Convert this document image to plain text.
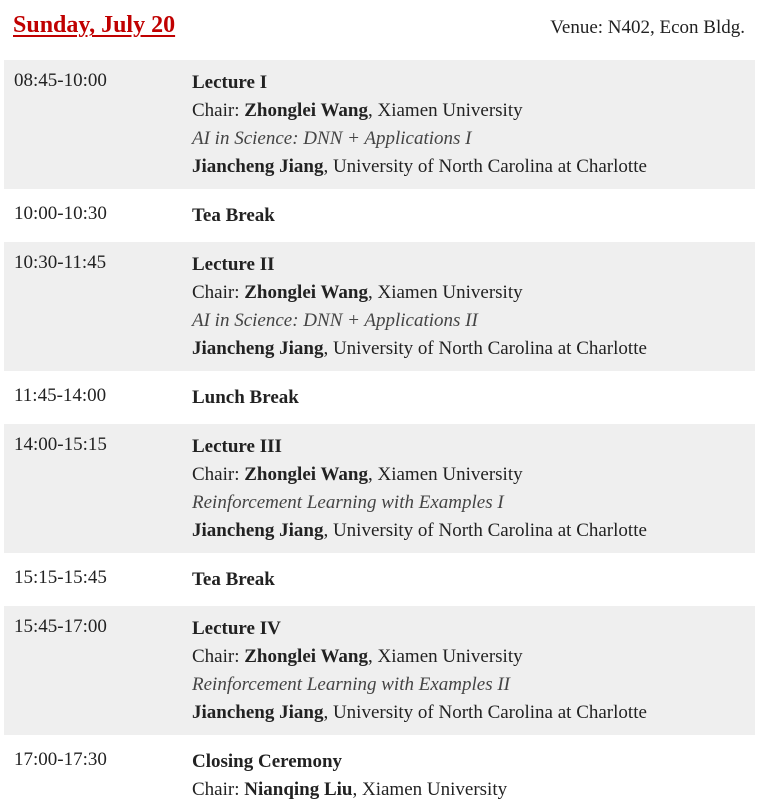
Sunday, July 20	Venue: N402, Econ Bldg.
08:45-10:00	Lecture I
Chair: Zhonglei Wang, Xiamen University
AI in Science: DNN + Applications I
Jiancheng Jiang, University of North Carolina at Charlotte
10:00-10:30	Tea Break
10:30-11:45	Lecture II
Chair: Zhonglei Wang, Xiamen University
AI in Science: DNN + Applications II
Jiancheng Jiang, University of North Carolina at Charlotte
11:45-14:00	Lunch Break
14:00-15:15	Lecture III
Chair: Zhonglei Wang, Xiamen University
Reinforcement Learning with Examples I
Jiancheng Jiang, University of North Carolina at Charlotte
15:15-15:45	Tea Break
15:45-17:00	Lecture IV
Chair: Zhonglei Wang, Xiamen University
Reinforcement Learning with Examples II
Jiancheng Jiang, University of North Carolina at Charlotte
17:00-17:30	Closing Ceremony
Chair: Nianqing Liu, Xiamen University
